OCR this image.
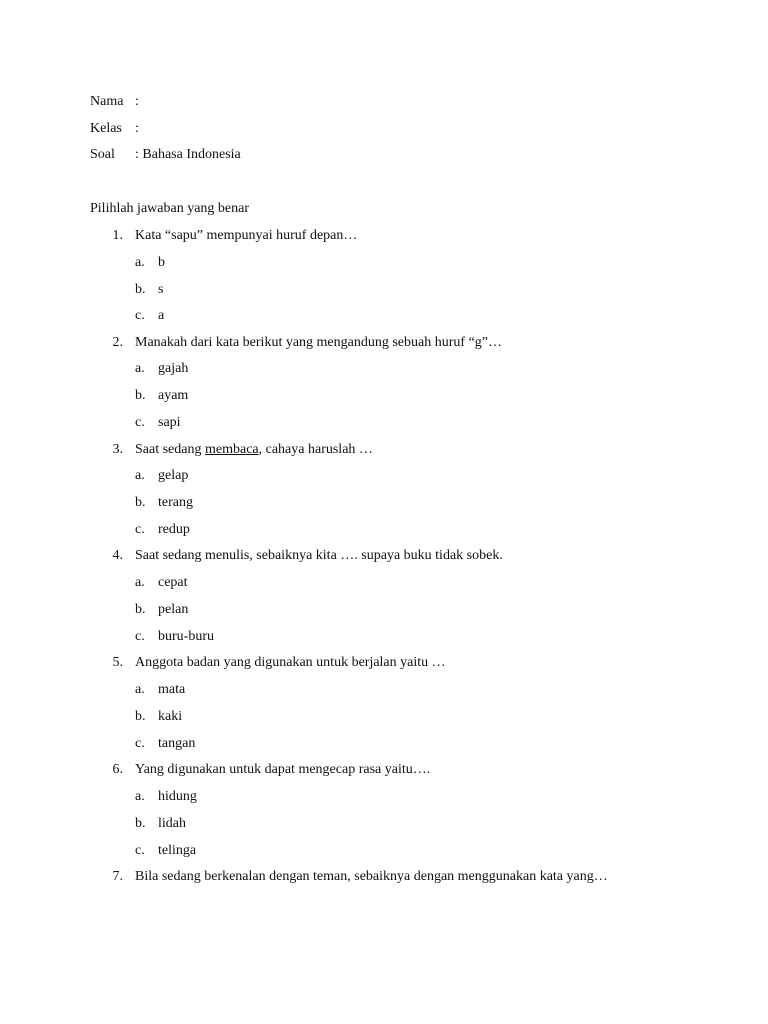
Nama :
Kelas :
Soal : Bahasa Indonesia
Pilihlah jawaban yang benar
1. Kata “sapu” mempunyai huruf depan…
a. b
b. s
c. a
2. Manakah dari kata berikut yang mengandung sebuah huruf “g”…
a. gajah
b. ayam
c. sapi
3. Saat sedang membaca, cahaya haruslah …
a. gelap
b. terang
c. redup
4. Saat sedang menulis, sebaiknya kita …. supaya buku tidak sobek.
a. cepat
b. pelan
c. buru-buru
5. Anggota badan yang digunakan untuk berjalan yaitu …
a. mata
b. kaki
c. tangan
6. Yang digunakan untuk dapat mengecap rasa yaitu….
a. hidung
b. lidah
c. telinga
7. Bila sedang berkenalan dengan teman, sebaiknya dengan menggunakan kata yang…
